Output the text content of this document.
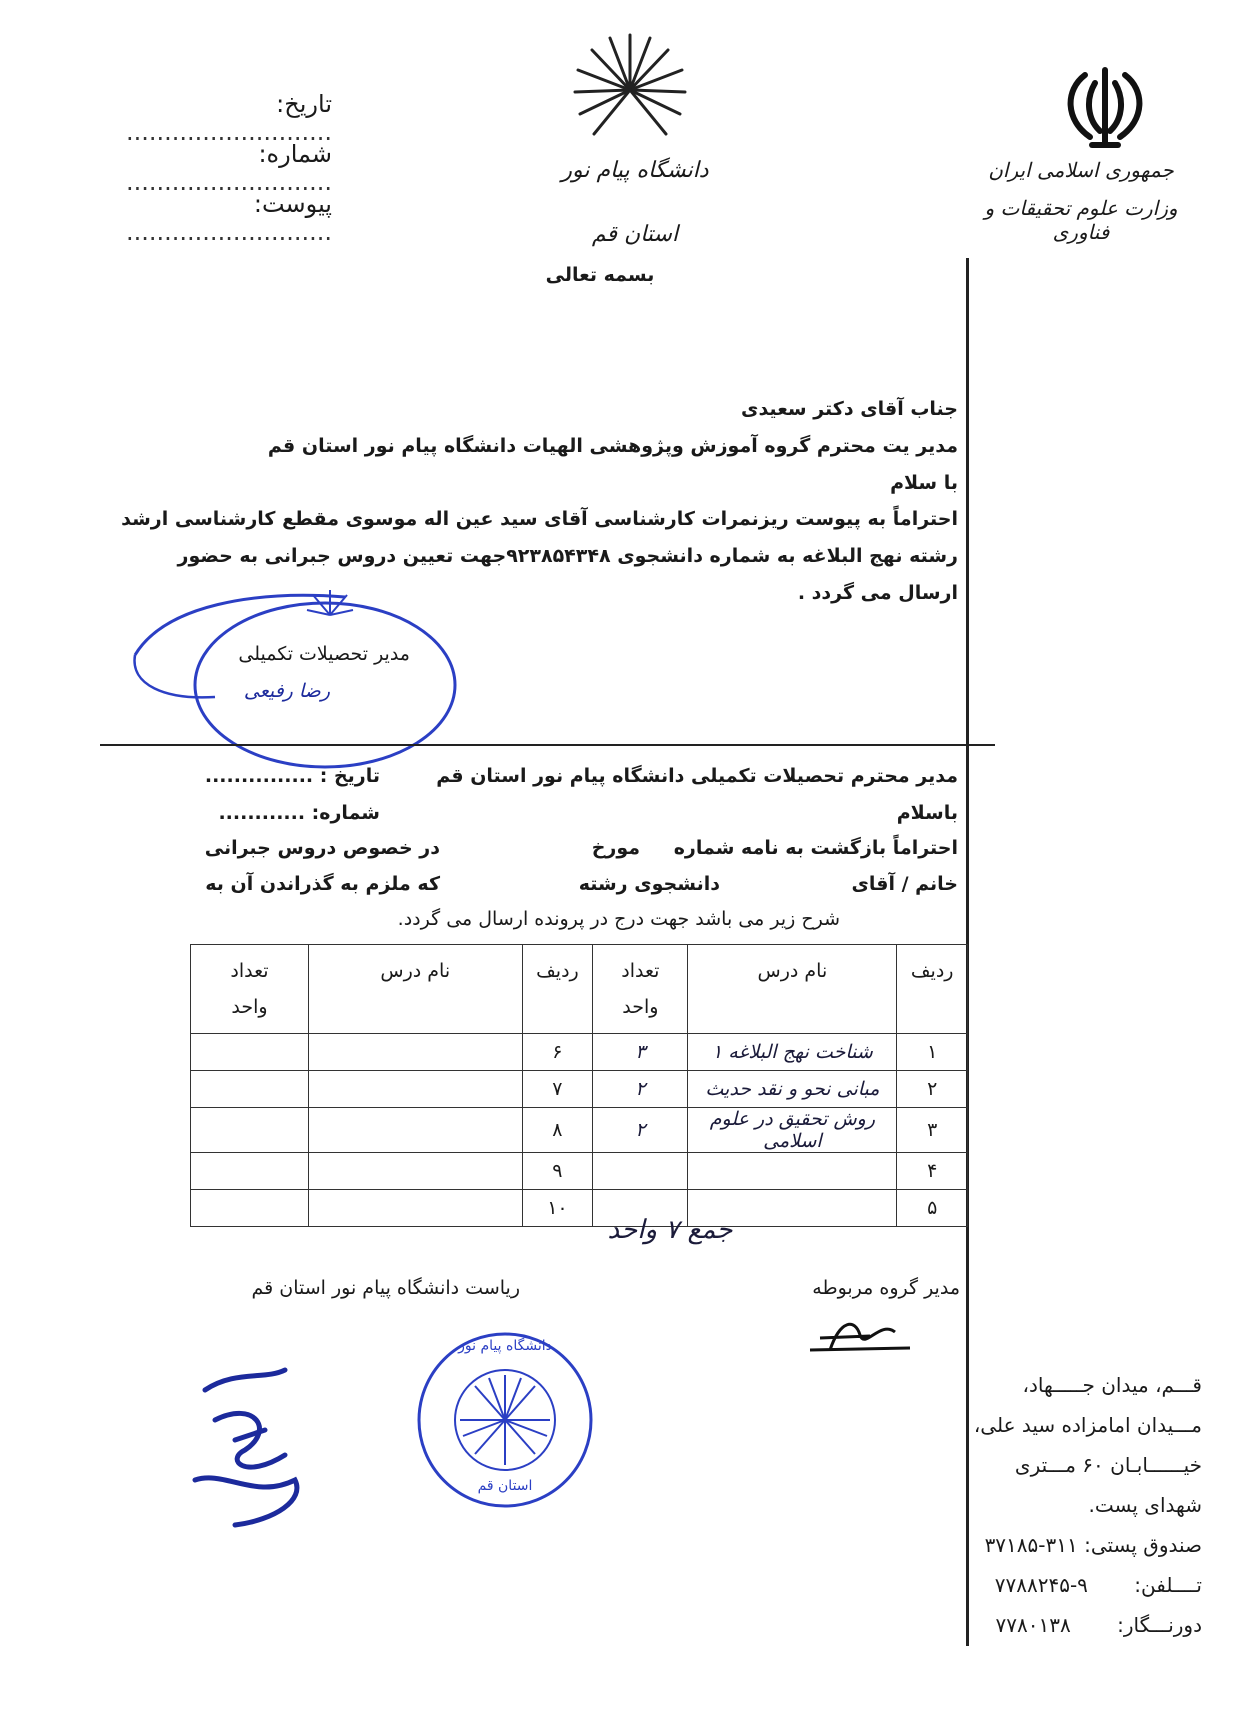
تاریخ: ...........................
شماره: ...........................
پیوست: ...........................
دانشگاه پیام نور
استان قم
بسمه تعالی
جمهوری اسلامی ایران
وزارت علوم تحقیقات و فناوری
جناب آقای دکتر سعیدی
مدیر یت محترم گروه آموزش وپژوهشی الهیات دانشگاه پیام نور استان قم
با سلام
احتراماً به پیوست ریزنمرات کارشناسی آقای سید عین اله موسوی مقطع کارشناسی ارشد
رشته نهج البلاغه به شماره دانشجوی ۹۲۳۸۵۴۳۴۸جهت تعیین دروس جبرانی به حضور
ارسال می گردد .
مدیر تحصیلات تکمیلی
رضا رفیعی
مدیر محترم تحصیلات تکمیلی دانشگاه پیام نور استان قم
تاریخ : ...............
شماره: ............	باسلام
احتراماً بازگشت به نامه شماره
مورخ
در خصوص دروس جبرانی
خانم / آقای
دانشجوی رشته
که ملزم به گذراندن آن به
شرح زیر می باشد جهت درج در پرونده ارسال می گردد.
ردیف	نام درس	تعداد
واحد	ردیف	نام درس	تعداد
واحد
۱	شناخت نهج البلاغه ۱	۳	۶		
۲	مبانی نحو و نقد حدیث	۲	۷		
۳	روش تحقیق در علوم اسلامی	۲	۸		
۴			۹		
۵			۱۰		
جمع ۷ واحد
مدیر گروه مربوطه
ریاست دانشگاه پیام نور استان قم
دانشگاه پیام نور
استان قم
قـــم، میدان جـــــهاد،
مـــیدان امامزاده سید علی،
خیــــــابـان ۶۰ مـــتری
شهدای پست.
صندوق پستی: ۳۱۱-۳۷۱۸۵
تــــلفن: ۹-۷۷۸۸۲۴۵
دورنـــگار: ۷۷۸۰۱۳۸
